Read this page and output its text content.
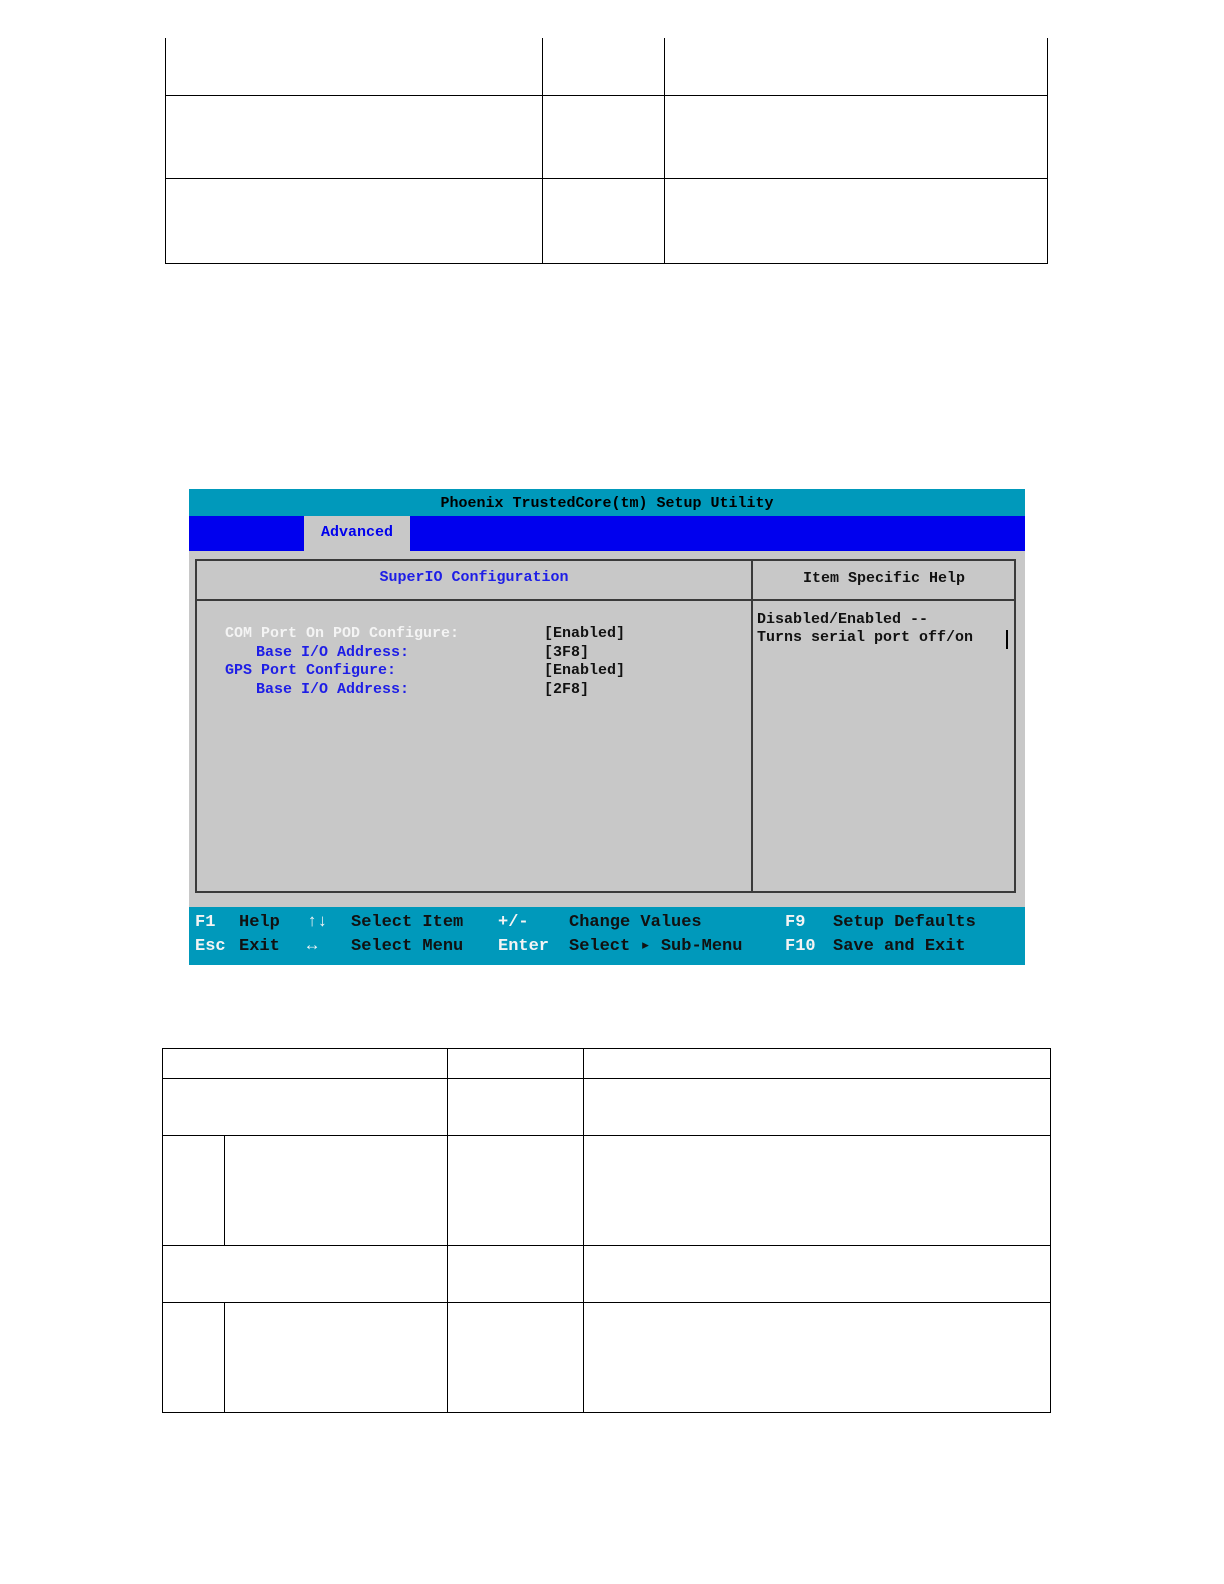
Phoenix TrustedCore(tm) Setup Utility
Advanced
SuperIO Configuration	Item Specific Help
COM Port On POD Configure:	[Enabled]
Base I/O Address:	[3F8]
GPS Port Configure:	[Enabled]
Base I/O Address:	[2F8]
Disabled/Enabled --
Turns serial port off/on
F1 Help ↑↓ Select Item +/- Change Values	F9 Setup Defaults
Esc Exit ↔ Select Menu Enter Select ▸ Sub-Menu	F10 Save and Exit
